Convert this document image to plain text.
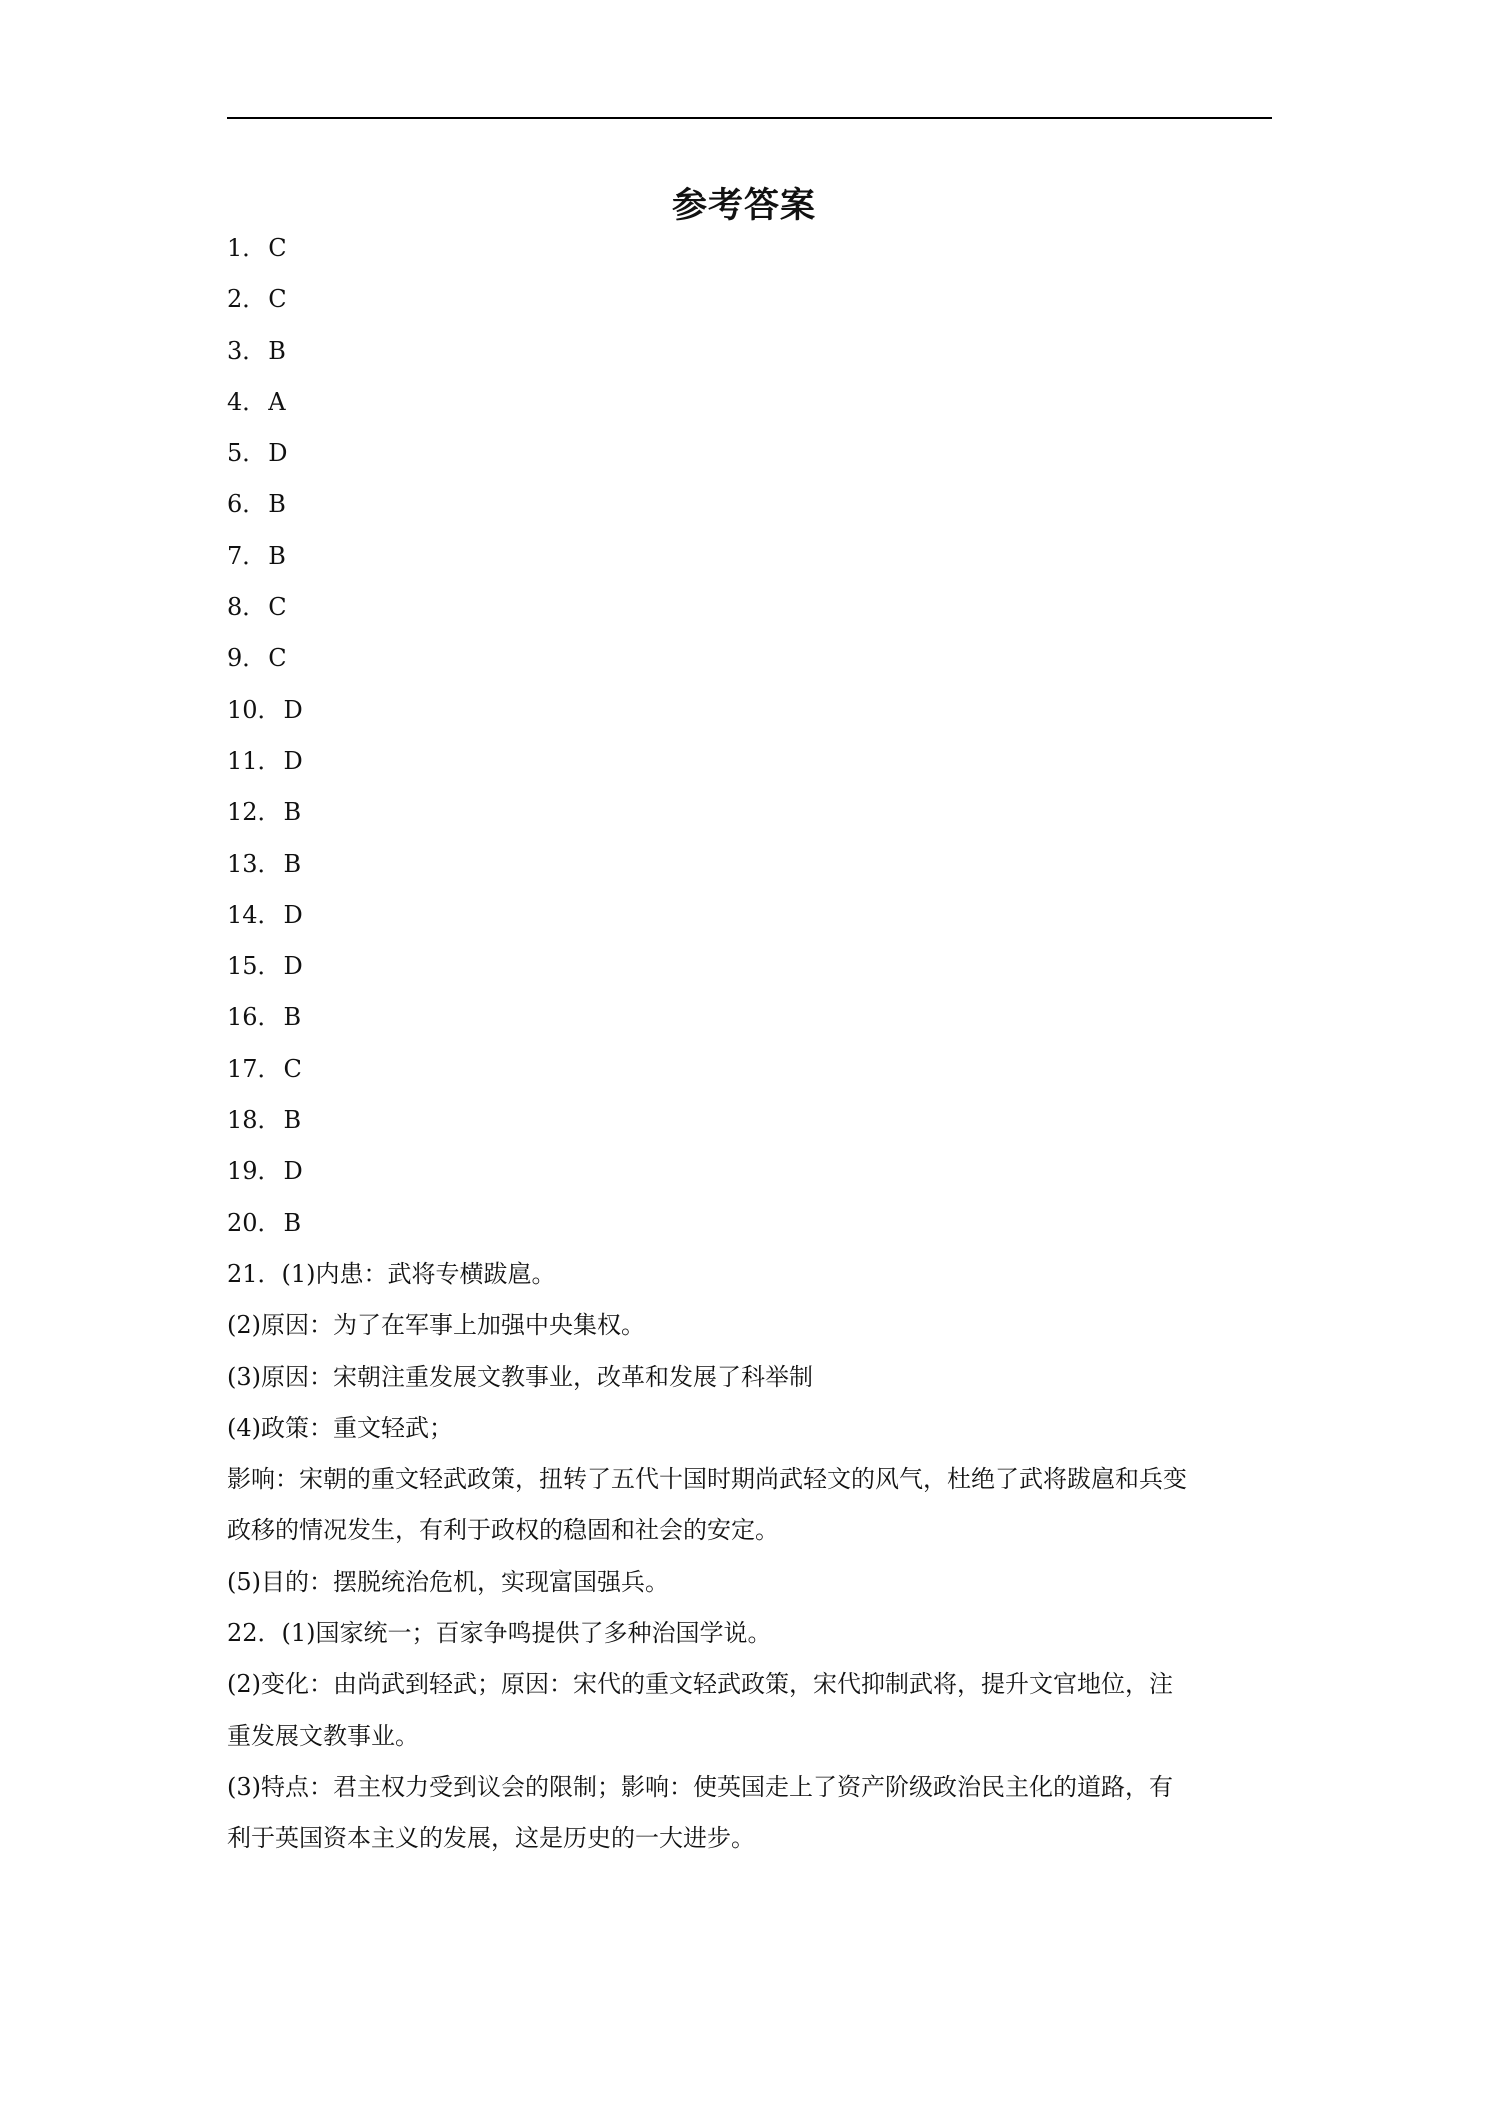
参考答案
1．C
2．C
3．B
4．A
5．D
6．B
7．B
8．C
9．C
10．D
11．D
12．B
13．B
14．D
15．D
16．B
17．C
18．B
19．D
20．B
21．(1)内患：武将专横跋扈。
(2)原因：为了在军事上加强中央集权。
(3)原因：宋朝注重发展文教事业，改革和发展了科举制
(4)政策：重文轻武；
影响：宋朝的重文轻武政策，扭转了五代十国时期尚武轻文的风气，杜绝了武将跋扈和兵变
政移的情况发生，有利于政权的稳固和社会的安定。
(5)目的：摆脱统治危机，实现富国强兵。
22．(1)国家统一；百家争鸣提供了多种治国学说。
(2)变化：由尚武到轻武；原因：宋代的重文轻武政策，宋代抑制武将，提升文官地位，注
重发展文教事业。
(3)特点：君主权力受到议会的限制；影响：使英国走上了资产阶级政治民主化的道路，有
利于英国资本主义的发展，这是历史的一大进步。
